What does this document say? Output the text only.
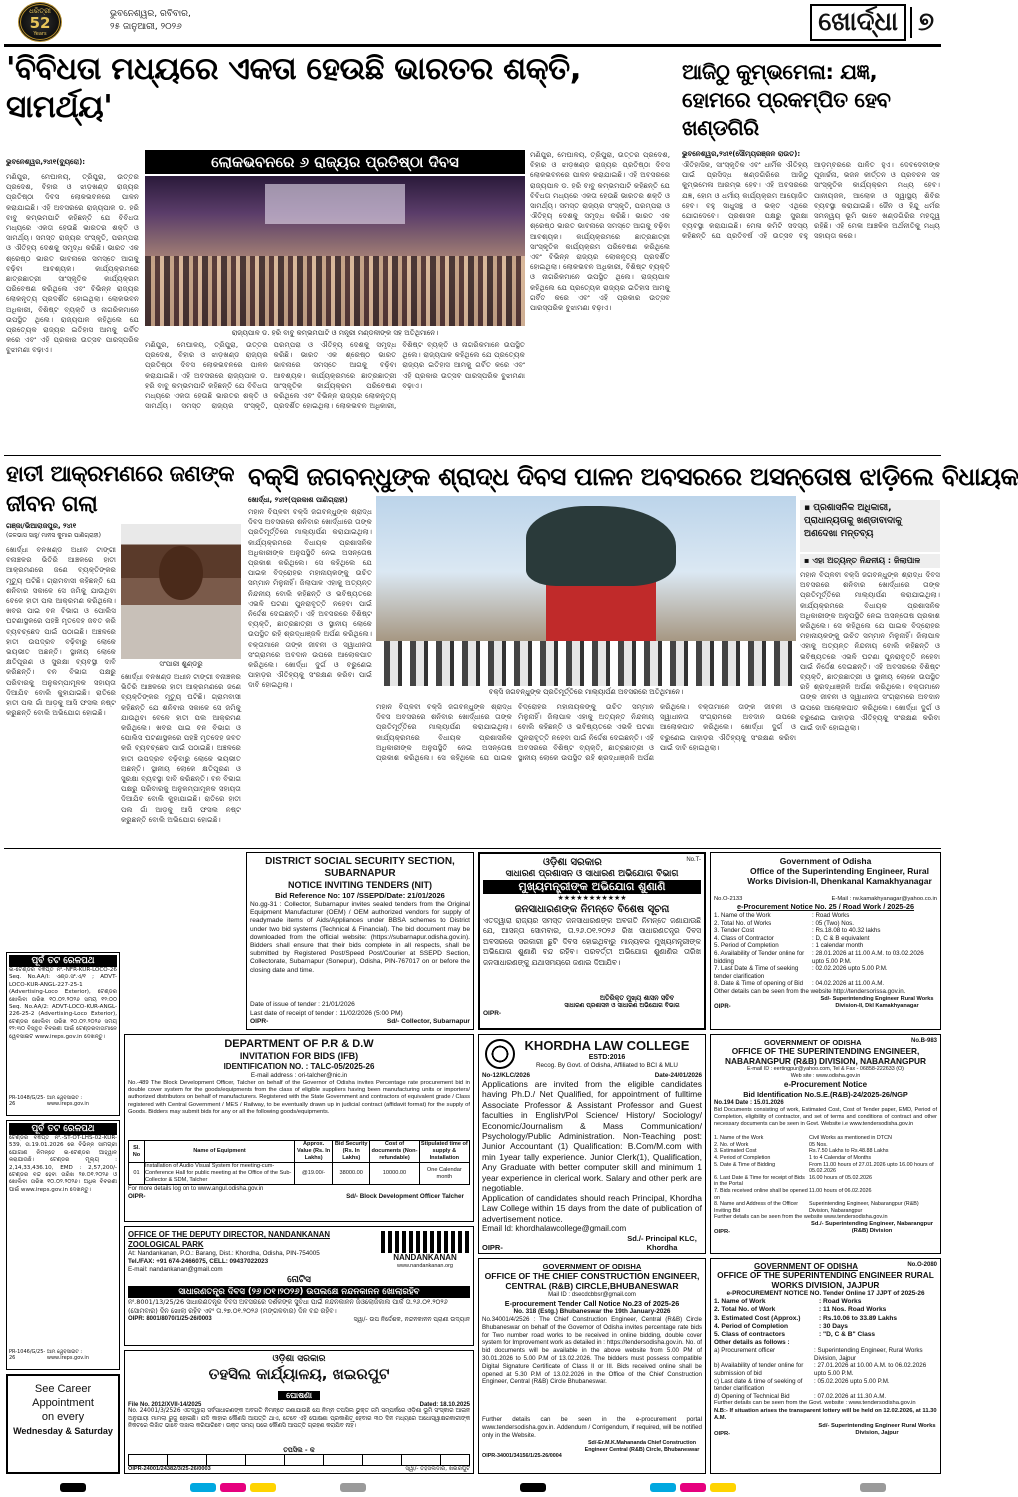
ଧରିତ୍ରୀ
52
Years
ଭୁବନେଶ୍ୱର, ରବିବାର,
୨୫ ଜାନୁଆରୀ, ୨୦୨୬	ଖୋର୍ଦ୍ଧା ୭
'ବିବିଧତା ମଧ୍ୟରେ ଏକତା ହେଉଛି ଭାରତର ଶକ୍ତି, ସାମର୍ଥ୍ୟ'
ଭୁବନେଶ୍ୱର,୨୪ା୧(ବ୍ୟୁରୋ):	ଲୋକଭବନରେ ୬ ରାଜ୍ୟର ପ୍ରତିଷ୍ଠା ଦିବସ
ରାଜ୍ୟପାଳ ଡ. ହରି ବାବୁ କମ୍ଭମପାଟି ଓ ମନ୍ତ୍ରୀ ମଣ୍ଡଳୀଙ୍କ ସହ ଅତିଥିମାନେ।
ମଣିପୁର, ମେଘାଳୟ, ତ୍ରିପୁରା, ଉତ୍ତର ପ୍ରଦେଶ, ବିହାର ଓ ଝାଡ଼ଖଣ୍ଡ ରାଜ୍ୟର ପ୍ରତିଷ୍ଠା ଦିବସ ଲୋକଭବନରେ ପାଳନ କରାଯାଇଛି। ଏହି ଅବସରରେ ରାଜ୍ୟପାଳ ଡ. ହରି ବାବୁ କମ୍ଭମପାଟି କହିଛନ୍ତି ଯେ ବିବିଧତା ମଧ୍ୟରେ ଏକତା ହେଉଛି ଭାରତର ଶକ୍ତି ଓ ସାମର୍ଥ୍ୟ। ସମସ୍ତ ରାଜ୍ୟର ସଂସ୍କୃତି, ପରମ୍ପରା ଓ ଐତିହ୍ୟ ଦେଶକୁ ସମୃଦ୍ଧ କରିଛି। ଭାରତ ଏକ ଶ୍ରେଷ୍ଠ ଭାରତ ଭାବନାରେ ସମସ୍ତେ ଆଗକୁ ବଢ଼ିବା ଆବଶ୍ୟକ। କାର୍ଯ୍ୟକ୍ରମରେ ଛାତ୍ରଛାତ୍ରୀ ସାଂସ୍କୃତିକ କାର୍ଯ୍ୟକ୍ରମ ପରିବେଷଣ କରିଥିଲେ ଏବଂ ବିଭିନ୍ନ ରାଜ୍ୟର ଲୋକନୃତ୍ୟ ପ୍ରଦର୍ଶିତ ହୋଇଥିଲା। ଲୋକଭବନ ଅଧିକାରୀ, ବିଶିଷ୍ଟ ବ୍ୟକ୍ତି ଓ ନାଗରିକମାନେ ଉପସ୍ଥିତ ଥିଲେ। ରାଜ୍ୟପାଳ କହିଥିଲେ ଯେ ପ୍ରତ୍ୟେକ ରାଜ୍ୟର ଇତିହାସ ଆମକୁ ଗର୍ବିତ କରେ ଏବଂ ଏହି ପ୍ରକାର ଉତ୍ସବ ପାରସ୍ପରିକ ବୁଝାମଣା ବଢ଼ାଏ।
ମଣିପୁର, ମେଘାଳୟ, ତ୍ରିପୁରା, ଉତ୍ତର ପ୍ରଦେଶ, ବିହାର ଓ ଝାଡ଼ଖଣ୍ଡ ରାଜ୍ୟର ପ୍ରତିଷ୍ଠା ଦିବସ ଲୋକଭବନରେ ପାଳନ କରାଯାଇଛି। ଏହି ଅବସରରେ ରାଜ୍ୟପାଳ ଡ. ହରି ବାବୁ କମ୍ଭମପାଟି କହିଛନ୍ତି ଯେ ବିବିଧତା ମଧ୍ୟରେ ଏକତା ହେଉଛି ଭାରତର ଶକ୍ତି ଓ ସାମର୍ଥ୍ୟ। ସମସ୍ତ ରାଜ୍ୟର ସଂସ୍କୃତି, ପରମ୍ପରା ଓ ଐତିହ୍ୟ ଦେଶକୁ ସମୃଦ୍ଧ କରିଛି। ଭାରତ ଏକ ଶ୍ରେଷ୍ଠ ଭାରତ ଭାବନାରେ ସମସ୍ତେ ଆଗକୁ ବଢ଼ିବା ଆବଶ୍ୟକ। କାର୍ଯ୍ୟକ୍ରମରେ ଛାତ୍ରଛାତ୍ରୀ ସାଂସ୍କୃତିକ କାର୍ଯ୍ୟକ୍ରମ ପରିବେଷଣ କରିଥିଲେ ଏବଂ ବିଭିନ୍ନ ରାଜ୍ୟର ଲୋକନୃତ୍ୟ ପ୍ରଦର୍ଶିତ ହୋଇଥିଲା। ଲୋକଭବନ ଅଧିକାରୀ, ବିଶିଷ୍ଟ ବ୍ୟକ୍ତି ଓ ନାଗରିକମାନେ ଉପସ୍ଥିତ ଥିଲେ। ରାଜ୍ୟପାଳ କହିଥିଲେ ଯେ ପ୍ରତ୍ୟେକ ରାଜ୍ୟର ଇତିହାସ ଆମକୁ ଗର୍ବିତ କରେ ଏବଂ ଏହି ପ୍ରକାର ଉତ୍ସବ ପାରସ୍ପରିକ ବୁଝାମଣା ବଢ଼ାଏ।
ମଣିପୁର, ମେଘାଳୟ, ତ୍ରିପୁରା, ଉତ୍ତର ପ୍ରଦେଶ, ବିହାର ଓ ଝାଡ଼ଖଣ୍ଡ ରାଜ୍ୟର ପ୍ରତିଷ୍ଠା ଦିବସ ଲୋକଭବନରେ ପାଳନ କରାଯାଇଛି। ଏହି ଅବସରରେ ରାଜ୍ୟପାଳ ଡ. ହରି ବାବୁ କମ୍ଭମପାଟି କହିଛନ୍ତି ଯେ ବିବିଧତା ମଧ୍ୟରେ ଏକତା ହେଉଛି ଭାରତର ଶକ୍ତି ଓ ସାମର୍ଥ୍ୟ। ସମସ୍ତ ରାଜ୍ୟର ସଂସ୍କୃତି, ପରମ୍ପରା ଓ ଐତିହ୍ୟ ଦେଶକୁ ସମୃଦ୍ଧ କରିଛି। ଭାରତ ଏକ ଶ୍ରେଷ୍ଠ ଭାରତ ଭାବନାରେ ସମସ୍ତେ ଆଗକୁ ବଢ଼ିବା ଆବଶ୍ୟକ। କାର୍ଯ୍ୟକ୍ରମରେ ଛାତ୍ରଛାତ୍ରୀ ସାଂସ୍କୃତିକ କାର୍ଯ୍ୟକ୍ରମ ପରିବେଷଣ କରିଥିଲେ ଏବଂ ବିଭିନ୍ନ ରାଜ୍ୟର ଲୋକନୃତ୍ୟ ପ୍ରଦର୍ଶିତ ହୋଇଥିଲା। ଲୋକଭବନ ଅଧିକାରୀ, ବିଶିଷ୍ଟ ବ୍ୟକ୍ତି ଓ ନାଗରିକମାନେ ଉପସ୍ଥିତ ଥିଲେ। ରାଜ୍ୟପାଳ କହିଥିଲେ ଯେ ପ୍ରତ୍ୟେକ ରାଜ୍ୟର ଇତିହାସ ଆମକୁ ଗର୍ବିତ କରେ ଏବଂ ଏହି ପ୍ରକାର ଉତ୍ସବ ପାରସ୍ପରିକ ବୁଝାମଣା ବଢ଼ାଏ।
ଆଜିଠୁ କୁମ୍ଭମେଳା: ଯଜ୍ଞ, ହୋମରେ ପ୍ରକମ୍ପିତ ହେବ ଖଣ୍ଡଗିରି
ଭୁବନେଶ୍ୱର,୨୪ା୧(ସୌମ୍ୟରଞ୍ଜନ ରାଉତ):
ଐତିହାସିକ, ସାଂସ୍କୃତିକ ଏବଂ ଧାର୍ମିକ ଐତିହ୍ୟ ପାଇଁ ପ୍ରସିଦ୍ଧ ଖଣ୍ଡଗିରିରେ ଆଜିଠୁ କୁମ୍ଭମେଳା ଆରମ୍ଭ ହେବ। ଏହି ଅବସରରେ ଯଜ୍ଞ, ହୋମ ଓ ଧର୍ମୀୟ କାର୍ଯ୍ୟକ୍ରମ ଆୟୋଜିତ ହେବ। ବହୁ ସାଧୁସନ୍ଥ ଓ ଭକ୍ତ ଏଥିରେ ଯୋଗଦେବେ। ପ୍ରଶାସନ ପକ୍ଷରୁ ସୁରକ୍ଷା ବ୍ୟବସ୍ଥା କରାଯାଇଛି। ମେଳା କମିଟି ସଦସ୍ୟ କହିଛନ୍ତି ଯେ ପ୍ରତିବର୍ଷ ଏହି ଉତ୍ସବ ବହୁ ଆଡ଼ମ୍ବରରେ ପାଳିତ ହୁଏ। ଦେବଦେବୀଙ୍କ ପୂଜାର୍ଚ୍ଚନା, ଭଜନ କୀର୍ତ୍ତନ ଓ ପ୍ରବଚନ ସହ ସାଂସ୍କୃତିକ କାର୍ଯ୍ୟକ୍ରମ ମଧ୍ୟ ହେବ। ପାନୀୟଜଳ, ଆଲୋକ ଓ ସ୍ୱାସ୍ଥ୍ୟ ଶିବିର ବ୍ୟବସ୍ଥା କରାଯାଇଛି। ଜୈନ ଓ ହିନ୍ଦୁ ଧର୍ମର ସମନ୍ୱୟ ଭୂମି ଭାବେ ଖଣ୍ଡଗିରିର ମହତ୍ତ୍ୱ ରହିଛି। ଏହି ମେଳା ଆଞ୍ଚଳିକ ଅର୍ଥନୀତିକୁ ମଧ୍ୟ ସହାୟତା କରେ।
ହାତୀ ଆକ୍ରମଣରେ ଜଣଙ୍କ ଜୀବନ ଗଲା
ଗଞ୍ଜା/ଭିଆରାଜପୁର, ୨୪ା୧
(ଜଳଭାସ ସାହୁ/ ମାନସ କୁମାର ପାଣିଗ୍ରାହୀ)
ଖୋର୍ଦ୍ଧା ବନଖଣ୍ଡ ଅଧୀନ ଟାଙ୍ଗୀ ବନାଞ୍ଚଳର ଭିତିରି ଆଞ୍ଚଳରେ ହାତୀ ଆକ୍ରମଣରେ ଜଣେ ବ୍ୟକ୍ତିଙ୍କର ମୃତ୍ୟୁ ଘଟିଛି। ଗ୍ରାମବାସୀ କହିଛନ୍ତି ଯେ ଶନିବାର ସକାଳେ ସେ ଜମିକୁ ଯାଉଥିବା ବେଳେ ହାତୀ ପଲ ଆକ୍ରମଣ କରିଥିଲେ। ଖବର ପାଇ ବନ ବିଭାଗ ଓ ପୋଲିସ ଘଟଣାସ୍ଥଳରେ ପହଞ୍ଚି ମୃତଦେହ ଜବତ କରି ବ୍ୟବଚ୍ଛେଦ ପାଇଁ ପଠାଇଛି। ଅଞ୍ଚଳରେ ହାତୀ ଉପଦ୍ରବ ବଢ଼ିବାରୁ ଲୋକେ ଭୟଭୀତ ଅଛନ୍ତି। ସ୍ଥାନୀୟ ଲୋକେ କ୍ଷତିପୂରଣ ଓ ସୁରକ୍ଷା ବ୍ୟବସ୍ଥା ଦାବି କରିଛନ୍ତି। ବନ ବିଭାଗ ପକ୍ଷରୁ ପରିବାରକୁ ଅନୁକମ୍ପାମୂଳକ ସହାୟତା ଦିଆଯିବ ବୋଲି କୁହାଯାଇଛି। ରାତିରେ ହାତୀ ପଲ ଗାଁ ଆଡ଼କୁ ଆସି ଫସଲ ନଷ୍ଟ କରୁଛନ୍ତି ବୋଲି ଅଭିଯୋଗ ହୋଇଛି।
ସଂପାରୀ ଶୁଣ୍ଡରୁ
ଖୋର୍ଦ୍ଧା ବନଖଣ୍ଡ ଅଧୀନ ଟାଙ୍ଗୀ ବନାଞ୍ଚଳର ଭିତିରି ଆଞ୍ଚଳରେ ହାତୀ ଆକ୍ରମଣରେ ଜଣେ ବ୍ୟକ୍ତିଙ୍କର ମୃତ୍ୟୁ ଘଟିଛି। ଗ୍ରାମବାସୀ କହିଛନ୍ତି ଯେ ଶନିବାର ସକାଳେ ସେ ଜମିକୁ ଯାଉଥିବା ବେଳେ ହାତୀ ପଲ ଆକ୍ରମଣ କରିଥିଲେ। ଖବର ପାଇ ବନ ବିଭାଗ ଓ ପୋଲିସ ଘଟଣାସ୍ଥଳରେ ପହଞ୍ଚି ମୃତଦେହ ଜବତ କରି ବ୍ୟବଚ୍ଛେଦ ପାଇଁ ପଠାଇଛି। ଅଞ୍ଚଳରେ ହାତୀ ଉପଦ୍ରବ ବଢ଼ିବାରୁ ଲୋକେ ଭୟଭୀତ ଅଛନ୍ତି। ସ୍ଥାନୀୟ ଲୋକେ କ୍ଷତିପୂରଣ ଓ ସୁରକ୍ଷା ବ୍ୟବସ୍ଥା ଦାବି କରିଛନ୍ତି। ବନ ବିଭାଗ ପକ୍ଷରୁ ପରିବାରକୁ ଅନୁକମ୍ପାମୂଳକ ସହାୟତା ଦିଆଯିବ ବୋଲି କୁହାଯାଇଛି। ରାତିରେ ହାତୀ ପଲ ଗାଁ ଆଡ଼କୁ ଆସି ଫସଲ ନଷ୍ଟ କରୁଛନ୍ତି ବୋଲି ଅଭିଯୋଗ ହୋଇଛି।
ବକ୍ସି ଜଗବନ୍ଧୁଙ୍କ ଶ୍ରାଦ୍ଧ ଦିବସ ପାଳନ ଅବସରରେ ଅସନ୍ତୋଷ ଝାଡ଼ିଲେ ବିଧାୟକ
ଖୋର୍ଦ୍ଧା, ୨୪ା୧(ପ୍ରକାଶ ପାଣିଗ୍ରାହୀ)
ମହାନ ବିପ୍ଳବୀ ବକ୍ସି ଜଗବନ୍ଧୁଙ୍କ ଶ୍ରାଦ୍ଧ ଦିବସ ଅବସରରେ ଶନିବାର ଖୋର୍ଦ୍ଧାରେ ତାଙ୍କ ପ୍ରତିମୂର୍ତ୍ତିରେ ମାଲ୍ୟାର୍ପଣ କରାଯାଇଥିଲା। କାର୍ଯ୍ୟକ୍ରମରେ ବିଧାୟକ ପ୍ରଶାସନିକ ଅଧିକାରୀଙ୍କ ଅନୁପସ୍ଥିତି ନେଇ ଅସନ୍ତୋଷ ପ୍ରକାଶ କରିଥିଲେ। ସେ କହିଥିଲେ ଯେ ପାଇକ ବିଦ୍ରୋହର ମହାନାୟକଙ୍କୁ ଉଚିତ ସମ୍ମାନ ମିଳୁନାହିଁ। ଜିଲାପାଳ ଏହାକୁ ଅତ୍ୟନ୍ତ ନିନ୍ଦନୀୟ ବୋଲି କହିଛନ୍ତି ଓ ଭବିଷ୍ୟତରେ ଏଭଳି ଘଟଣା ପୁନରାବୃତ୍ତି ନହେବା ପାଇଁ ନିର୍ଦ୍ଦେଶ ଦେଇଛନ୍ତି। ଏହି ଅବସରରେ ବିଶିଷ୍ଟ ବ୍ୟକ୍ତି, ଛାତ୍ରଛାତ୍ରୀ ଓ ସ୍ଥାନୀୟ ଲୋକେ ଉପସ୍ଥିତ ରହି ଶ୍ରଦ୍ଧାଞ୍ଜଳି ଅର୍ପଣ କରିଥିଲେ। ବକ୍ତାମାନେ ତାଙ୍କ ଜୀବନୀ ଓ ସ୍ୱାଧୀନତା ସଂଗ୍ରାମରେ ଅବଦାନ ଉପରେ ଆଲୋକପାତ କରିଥିଲେ। ଖୋର୍ଦ୍ଧା ଦୁର୍ଗ ଓ ବରୁଣେଇ ପାହାଡ଼ର ଐତିହ୍ୟକୁ ସଂରକ୍ଷଣ କରିବା ପାଇଁ ଦାବି ହୋଇଥିଲା।
ବକ୍ସି ଜଗବନ୍ଧୁଙ୍କ ପ୍ରତିମୂର୍ତ୍ତିରେ ମାଲ୍ୟାର୍ପଣ ଅବସରରେ ଅତିଥିମାନେ।
ମହାନ ବିପ୍ଳବୀ ବକ୍ସି ଜଗବନ୍ଧୁଙ୍କ ଶ୍ରାଦ୍ଧ ଦିବସ ଅବସରରେ ଶନିବାର ଖୋର୍ଦ୍ଧାରେ ତାଙ୍କ ପ୍ରତିମୂର୍ତ୍ତିରେ ମାଲ୍ୟାର୍ପଣ କରାଯାଇଥିଲା। କାର୍ଯ୍ୟକ୍ରମରେ ବିଧାୟକ ପ୍ରଶାସନିକ ଅଧିକାରୀଙ୍କ ଅନୁପସ୍ଥିତି ନେଇ ଅସନ୍ତୋଷ ପ୍ରକାଶ କରିଥିଲେ। ସେ କହିଥିଲେ ଯେ ପାଇକ ବିଦ୍ରୋହର ମହାନାୟକଙ୍କୁ ଉଚିତ ସମ୍ମାନ ମିଳୁନାହିଁ। ଜିଲାପାଳ ଏହାକୁ ଅତ୍ୟନ୍ତ ନିନ୍ଦନୀୟ ବୋଲି କହିଛନ୍ତି ଓ ଭବିଷ୍ୟତରେ ଏଭଳି ଘଟଣା ପୁନରାବୃତ୍ତି ନହେବା ପାଇଁ ନିର୍ଦ୍ଦେଶ ଦେଇଛନ୍ତି। ଏହି ଅବସରରେ ବିଶିଷ୍ଟ ବ୍ୟକ୍ତି, ଛାତ୍ରଛାତ୍ରୀ ଓ ସ୍ଥାନୀୟ ଲୋକେ ଉପସ୍ଥିତ ରହି ଶ୍ରଦ୍ଧାଞ୍ଜଳି ଅର୍ପଣ କରିଥିଲେ। ବକ୍ତାମାନେ ତାଙ୍କ ଜୀବନୀ ଓ ସ୍ୱାଧୀନତା ସଂଗ୍ରାମରେ ଅବଦାନ ଉପରେ ଆଲୋକପାତ କରିଥିଲେ। ଖୋର୍ଦ୍ଧା ଦୁର୍ଗ ଓ ବରୁଣେଇ ପାହାଡ଼ର ଐତିହ୍ୟକୁ ସଂରକ୍ଷଣ କରିବା ପାଇଁ ଦାବି ହୋଇଥିଲା।
▪ ପ୍ରଶାସନିକ ଅଧିକାରୀ, ପ୍ରାଧାନ୍ୟତାକୁ ଖଣ୍ଡାବାଦାକୁ ଅଣଦେଖା ମନ୍ତବ୍ୟ
▪ ଏହା ଅତ୍ୟନ୍ତ ନିନ୍ଦନୀୟ : ଜିଲାପାଳ
ମହାନ ବିପ୍ଳବୀ ବକ୍ସି ଜଗବନ୍ଧୁଙ୍କ ଶ୍ରାଦ୍ଧ ଦିବସ ଅବସରରେ ଶନିବାର ଖୋର୍ଦ୍ଧାରେ ତାଙ୍କ ପ୍ରତିମୂର୍ତ୍ତିରେ ମାଲ୍ୟାର୍ପଣ କରାଯାଇଥିଲା। କାର୍ଯ୍ୟକ୍ରମରେ ବିଧାୟକ ପ୍ରଶାସନିକ ଅଧିକାରୀଙ୍କ ଅନୁପସ୍ଥିତି ନେଇ ଅସନ୍ତୋଷ ପ୍ରକାଶ କରିଥିଲେ। ସେ କହିଥିଲେ ଯେ ପାଇକ ବିଦ୍ରୋହର ମହାନାୟକଙ୍କୁ ଉଚିତ ସମ୍ମାନ ମିଳୁନାହିଁ। ଜିଲାପାଳ ଏହାକୁ ଅତ୍ୟନ୍ତ ନିନ୍ଦନୀୟ ବୋଲି କହିଛନ୍ତି ଓ ଭବିଷ୍ୟତରେ ଏଭଳି ଘଟଣା ପୁନରାବୃତ୍ତି ନହେବା ପାଇଁ ନିର୍ଦ୍ଦେଶ ଦେଇଛନ୍ତି। ଏହି ଅବସରରେ ବିଶିଷ୍ଟ ବ୍ୟକ୍ତି, ଛାତ୍ରଛାତ୍ରୀ ଓ ସ୍ଥାନୀୟ ଲୋକେ ଉପସ୍ଥିତ ରହି ଶ୍ରଦ୍ଧାଞ୍ଜଳି ଅର୍ପଣ କରିଥିଲେ। ବକ୍ତାମାନେ ତାଙ୍କ ଜୀବନୀ ଓ ସ୍ୱାଧୀନତା ସଂଗ୍ରାମରେ ଅବଦାନ ଉପରେ ଆଲୋକପାତ କରିଥିଲେ। ଖୋର୍ଦ୍ଧା ଦୁର୍ଗ ଓ ବରୁଣେଇ ପାହାଡ଼ର ଐତିହ୍ୟକୁ ସଂରକ୍ଷଣ କରିବା ପାଇଁ ଦାବି ହୋଇଥିଲା।
DISTRICT SOCIAL SECURITY SECTION, SUBARNAPUR
NOTICE INVITING TENDERS (NIT)
Bid Reference No: 107 /SSEPD/Date: 21/01/2026
No.gg-31 : Collector, Subarnapur invites sealed tenders from the Original Equipment Manufacturer (OEM) / OEM authorized vendors for supply of readymade items of Aids/Appliances under BBSA schemes to District under two bid systems (Technical & Financial). The bid document may be downloaded from the official website: (https://subarnapur.odisha.gov.in). Bidders shall ensure that their bids complete in all respects, shall be submitted by Registered Post/Speed Post/Courier at SSEPD Section, Collectorate, Subarnapur (Sonepur), Odisha, PIN-767017 on or before the closing date and time.
Date of issue of tender : 21/01/2026
Last date of receipt of tender : 11/02/2026 (5:00 PM)
OIPR-	Sd/- Collector, Subarnapur
ଓଡ଼ିଶା ସରକାର	No.T-
ସାଧାରଣ ପ୍ରଶାସନ ଓ ସାଧାରଣ ଅଭିଯୋଗ ବିଭାଗ
ମୁଖ୍ୟମନ୍ତ୍ରୀଙ୍କ ଅଭିଯୋଗ ଶୁଣାଣି
★★★★★★★★★★★
ଜନସାଧାରଣଙ୍କ ନିମନ୍ତେ ବିଶେଷ ସୂଚନା
ଏତଦ୍ୱାରା ରାଜ୍ୟର ସମସ୍ତ ଜନସାଧାରଣଙ୍କ ଅବଗତି ନିମନ୍ତେ ଜଣାଯାଉଛି ଯେ, ଆସନ୍ତା ସୋମବାର, ତା.୨୬.୦୧.୨୦୨୬ ରିଖ ସାଧାରଣତନ୍ତ୍ର ଦିବସ ଅବସରରେ ସରକାରୀ ଛୁଟି ଦିବସ ହୋଇଥିବାରୁ ମାନ୍ୟବର ମୁଖ୍ୟମନ୍ତ୍ରୀଙ୍କ ଅଭିଯୋଗ ଶୁଣାଣି ବନ୍ଦ ରହିବ। ପରବର୍ତ୍ତୀ ଅଭିଯୋଗ ଶୁଣାଣିର ତାରିଖ ଜନସାଧାରଣଙ୍କୁ ଯଥାସମୟରେ ଜଣାଇ ଦିଆଯିବ।
ଅତିରିକ୍ତ ମୁଖ୍ୟ ଶାସନ ସଚିବ
ସାଧାରଣ ପ୍ରଶାସନ ଓ ସାଧାରଣ ଅଭିଯୋଗ ବିଭାଗ
OIPR-
Government of Odisha
Office of the Superintending Engineer, Rural Works Division-II, Dhenkanal Kamakhyanagar
No.O-2133	E-Mail : rw.kamakhyanagar@yahoo.co.in
e-Procurement Notice No. 25 / Road Work / 2025-26
1. Name of the Work	: Road Works
2. Total No. of Works	: 05 (Two) Nos.
3. Tender Cost	: Rs.18.08 to 40.32 lakhs
4. Class of Contractor	: D, C & B equivalent
5. Period of Completion	: 1 calendar month
6. Availability of Tender online for bidding
: 28.01.2026 at 11.00 A.M. to 03.02.2026 upto 5.00 P.M.
7. Last Date & Time of seeking tender clarification
: 02.02.2026 upto 5.00 P.M.
8. Date & Time of opening of Bid	: 04.02.2026 at 11.00 A.M.
Other details can be seen from the website http://tendersorissa.gov.in.
OIPR-
Sd/- Superintending Engineer Rural Works Division-II, Dkl Kamakhyanagar
ପୂର୍ବ ତଟ ରେଳପଥ
ଇ-ଟେଣ୍ଡର ବିଜ୍ଞପ୍ତି ନଂ.-NFR-KUR-LOCO-26 Seq. No.AA/I: ଏଣ୍ଡ.ସଂ.ଏ/୧ ; ADVT-LOCO-KUR-ANGL-227-25-1 (Advertising-Loco Exterior), ଟେଣ୍ଡର ଖୋଲିବା ତାରିଖ ୧୦.୦୨.୨୦୨୬ ସମୟ ୧୨:୦୦ Seq. No.AA/2: ADVT-LOCO-KUR-ANGL-226-25-2 (Advertising-Loco Exterior), ଟେଣ୍ଡର ଖୋଲିବା ତାରିଖ ୧୦.୦୨.୨୦୨୬ ସମୟ ୧୨:୩୦ ବିସ୍ତୃତ ବିବରଣୀ ପାଇଁ ଟେଣ୍ଡରଦାତାମାନେ ୱେବସାଇଟ www.ireps.gov.in ଦେଖନ୍ତୁ।
PR-1048/G/25-26
ଆମ ୱେବସାଇଟ : www.ireps.gov.in
ପୂର୍ବ ତଟ ରେଳପଥ
ଟେଣ୍ଡର ବିଜ୍ଞପ୍ତି ନଂ.-ST-OT-LHS-02-KUR-539, ତା.19.01.2026 ରେ ବିଭିନ୍ନ ସାମଗ୍ରୀ ଯୋଗାଣ ନିମନ୍ତେ ଇ-ଟେଣ୍ଡର ଆହ୍ୱାନ କରାଯାଉଛି। ଟେଣ୍ଡର ମୂଲ୍ୟ : 2,14,33,436.10, EMD : 2,57,200/- ଟେଣ୍ଡର ବନ୍ଦ ହେବା ତାରିଖ ୨୭.୦୧.୨୦୨୬ ଓ ଖୋଲିବା ତାରିଖ ୧୦.୦୨.୨୦୨୬। ଅଧିକ ବିବରଣୀ ପାଇଁ www.ireps.gov.in ଦେଖନ୍ତୁ।
PR-1046/G/25-26
ଆମ ୱେବସାଇଟ : www.ireps.gov.in
See Career
Appointment
on every
Wednesday & Saturday
DEPARTMENT OF P.R & D.W
INVITATION FOR BIDS (IFB)
IDENTIFICATION NO. : TALC-05/2025-26
E-mail address : ori-talcher@nic.in
No.-489 The Block Development Officer, Talcher on behalf of the Governor of Odisha invites Percentage rate procurement bid in double cover system for the goods/equipments from the class of eligible suppliers having been manufacturing units or importers/ authorized distributors on behalf of manufacturers. Registered with the State Government and contractors of equivalent grade / Class registered with Central Government / MES / Railway, to be eventually drawn up in judicial contract (affidavit format) for the supply of Goods. Bidders may submit bids for any or all the following goods/equipments.
Sl. No	Name of Equipment	Approx. Value (Rs. In Lakhs)	Bid Security (Rs. In Lakhs)	Cost of documents (Non-refundable)	Stipulated time of supply & Installation
01	Installation of Audio Visual System for meeting-cum-Conference Hall for public meeting at the Office of the Sub-Collector & SDM, Talcher	@19.00/-	38000.00	10000.00	One Calendar month
For more details log on to www.angul.odisha.gov.in
OIPR-	Sd/- Block Development Officer Talcher
OFFICE OF THE DEPUTY DIRECTOR, NANDANKANAN ZOOLOGICAL PARK
At: Nandankanan, P.O.: Barang, Dist.: Khordha, Odisha, PIN-754005
Tel./FAX: +91 674-2466075, CELL: 09437022023
E-mail: nandankanan@gmail.com
NANDANKANAN
www.nandankanan.org
ନୋଟିସ
ସାଧାରଣତନ୍ତ୍ର ଦିବସ (୨୬।୦୧।୨୦୨୬) ଉପଲକ୍ଷେ ନନ୍ଦନକାନନ ଖୋଲାରହିବ
ନଂ.8001/13/25/26 ସାଧାରଣତନ୍ତ୍ର ଦିବସ ଅବସରରେ ଦର୍ଶକଙ୍କ ସୁବିଧା ପାଇଁ ନନ୍ଦନକାନନ ଜିଓଲୋଜିକାଲ ପାର୍କ ତା.୨୬.୦୧.୨୦୨୬ (ସୋମବାର) ଦିନ ଖୋଲା ରହିବ ଏବଂ ତା.୨୭.୦୧.୨୦୨୬ (ମଙ୍ଗଳବାର) ଦିନ ବନ୍ଦ ରହିବ।
OIPR: 8001/8070/1/25-26/0003	ସ୍ୱା/- ଉପ ନିର୍ଦ୍ଦେଶକ, ନନ୍ଦନକାନନ ପ୍ରାଣୀ ଉଦ୍ୟାନ
ଓଡ଼ିଶା ସରକାର
ତହସିଲ କାର୍ଯ୍ୟାଳୟ, ଖଇରପୁଟ
ଘୋଷଣା
File No. 2012/XVII-14/2025	Dated: 18.10.2025
No. 24001/3/2526 ଏତଦ୍ୱାରା ସର୍ବସାଧାରଣଙ୍କ ଅବଗତି ନିମନ୍ତେ ଜଣାଯାଉଛି ଯେ ନିମ୍ନ ତପସିଲ ଭୁକ୍ତ ଜମି ସମ୍ପର୍କରେ ଓଡ଼ିଶା ଭୂମି ସଂସ୍କାର ଆଇନ ଅନୁଯାୟୀ ମାମଲା ରୁଜୁ ହୋଇଛି। ଯଦି କାହାର କୌଣସି ଆପତ୍ତି ଥାଏ, ତେବେ ଏହି ଘୋଷଣା ପ୍ରକାଶିତ ହେବାର ୩୦ ଦିନ ମଧ୍ୟରେ ଅଧୋସ୍ୱାକ୍ଷରକାରୀଙ୍କ ନିକଟରେ ଲିଖିତ ଭାବେ ଦାଖଲ କରିପାରିବେ। ଉକ୍ତ ସମୟ ପରେ କୌଣସି ଆପତ୍ତି ଗ୍ରହଣ କରାଯିବ ନାହିଁ।
ତପସିଲ - କ
OIPR-24001/24382/3/25-26/0003	ସ୍ୱା/- ତହସିଲଦାର, ଖଇରପୁଟ
KHORDHA LAW COLLEGE
ESTD:2016
Recog. By Govt. of Odisha, Affiliated to BCI & MLU
No-12/KLC/2026	Date-24/01/2026
Applications are invited from the eligible candidates having Ph.D./ Net Qualified, for appointment of fulltime Associate Professor & Assistant Professor and Guest faculties in English/Pol Science/ History/ Sociology/ Economic/Journalism & Mass Communication/ Psychology/Public Administration. Non-Teaching post: Junior Accountant (1) Qualification: B.Com/M.com with min 1year tally experience. Junior Clerk(1), Qualification, Any Graduate with better computer skill and minimum 1 year experience in clerical work. Salary and other perk are negotiable.
Application of candidates should reach Principal, Khordha Law College within 15 days from the date of publication of advertisement notice.
Email Id: khordhalawcollege@gmail.com
OIPR-
Sd./- Principal KLC, Khordha
GOVERNMENT OF ODISHA	No.B-983
OFFICE OF THE SUPERINTENDING ENGINEER, NABARANGPUR (R&B) DIVISION, NABARANGPUR
E-mail ID : eertingpur@yahoo.com, Tel & Fax - 06858-222633 (O)
Web site : www.odisha.gov.in
e-Procurement Notice
Bid Identification No.S.E.(R&B)-24/2025-26/NGP
No.194 Date : 15.01.2026
Bid Documents consisting of work, Estimated Cost, Cost of Tender paper, EMD, Period of Completion, eligibility of contractor, and set of terms and conditions of contract and other necessary documents can be seen in Govt. Website i.e www.tendersodisha.gov.in
1. Name of the Work	Civil Works as mentioned in DTCN
2. No. of Work	05 Nos.
3. Estimated Cost	Rs.7.50 Lakhs to Rs.48.88 Lakhs
4. Period of Completion	1 to 4 Calendar of Months
5. Date & Time of Bidding	From 11.00 hours of 27.01.2026 upto 16.00 hours of 05.02.2026
6. Last Date & Time for receipt of Bids in the Portal
16.00 hours of 05.02.2026
7. Bids received online shall be opened on
11.00 hours of 06.02.2026
8. Name and Address of the Officer Inviting Bid
Superintending Engineer, Nabarangpur (R&B) Division, Nabarangpur
Further details can be seen from the website www.tendersodisha.gov.in
OIPR-
Sd./- Superintending Engineer, Nabarangpur (R&B) Division
GOVERNMENT OF ODISHA
OFFICE OF THE CHIEF CONSTRUCTION ENGINEER, CENTRAL (R&B) CIRCLE,BHUBANESWAR
Mail ID : dsecdcbbsr@gmail.com
E-procurement Tender Call Notice No.23 of 2025-26
No. 318 (Estg.) Bhubaneswar the 19th January-2026
No.34001/4/2526 : The Chief Construction Engineer, Central (R&B) Circle Bhubaneswar on behalf of the Governor of Odisha invites percentage rate bids for Two number road works to be received in online bidding, double cover system for Improvement work as detailed in : https://tendersodisha.gov.in. No. of bid documents will be available in the above website from 5.00 PM of 30.01.2026 to 5.00 P.M of 13.02.2026. The bidders must possess compatible Digital Signature Certificate of Class II or III. Bids received online shall be opened at 5.30 P.M of 13.02.2026 in the Office of the Chief Construction Engineer, Central (R&B) Circle Bhubaneswar.
Further details can be seen in the e-procurement portal www.tendersodisha.gov.in. Addendum / Corrigendum, if required, will be notified only in the Website.
Sd/-Er.M.K.Mahananda Chief Construction Engineer Central (R&B) Circle, Bhubaneswar
OIPR-34001/34156/1/25-26/0004
GOVERNMENT OF ODISHA	No.O-2080
OFFICE OF THE SUPERINTENDING ENGINEER RURAL WORKS DIVISION, JAJPUR
e-PROCUREMENT NOTICE NO. Tender Online 17 JJPT of 2025-26
1. Name of Work	: Road Works
2. Total No. of Work	: 11 Nos. Road Works
3. Estimated Cost (Approx.)	: Rs.10.06 to 33.89 Lakhs
4. Period of Completion	: 30 Days
5. Class of contractors	: "D, C & B" Class
Other details as follows :
a) Procurement officer	: Superintending Engineer, Rural Works Division, Jajpur
b) Availability of tender online for submission of bid
: 27.01.2026 at 10.00 A.M. to 06.02.2026 upto 5.00 P.M.
c) Last date & time of seeking of tender clarification
: 05.02.2026 upto 5.00 P.M.
d) Opening of Technical Bid	: 07.02.2026 at 11.30 A.M.
Further details can be seen from the Govt. website : www.tendersodisha.gov.in
N.B:- If situation arises the transparent lottery will be held on 12.02.2026, at 11.30 A.M.
OIPR-
Sd/- Superintending Engineer Rural Works Division, Jajpur
